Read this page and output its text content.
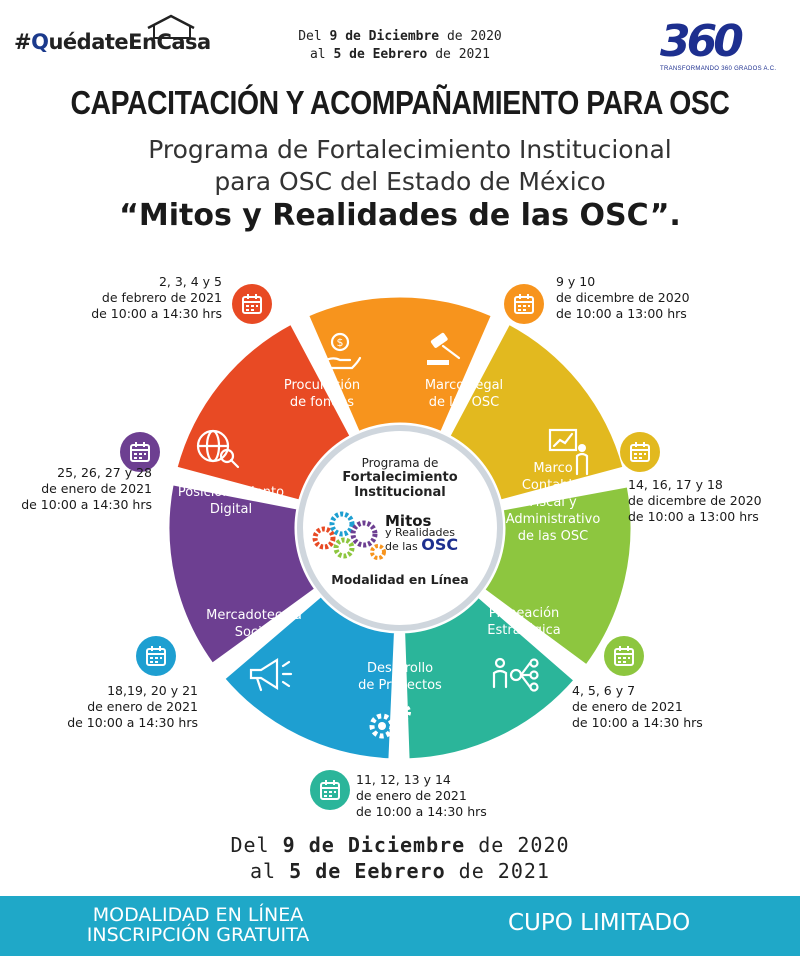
#QuédateEnCasa	Del 9 de Diciembre de 2020
al 5 de Eebrero de 2021	360
TRANSFORMANDO 360 GRADOS A.C.
CAPACITACIÓN Y ACOMPAÑAMIENTO PARA OSC
Programa de Fortalecimiento Institucional
para OSC del Estado de México
“Mitos y Realidades de las OSC”.
Procuración
de fondos
$
Marco Legal
de las OSC
Marco
Contable,
Fiscal y
Administrativo
de las OSC
Planeación
Estratégica
Desarrollo
de Proyectos
Mercadotecnia
Social
Posicionamiento
Digital
2, 3, 4 y 5
de febrero de 2021
de 10:00 a 14:30 hrs
9 y 10
de dicembre de 2020
de 10:00 a 13:00 hrs
14, 16, 17 y 18
de dicembre de 2020
de 10:00 a 13:00 hrs
4, 5, 6 y 7
de enero de 2021
de 10:00 a 14:30 hrs
11, 12, 13 y 14
de enero de 2021
de 10:00 a 14:30 hrs
18,19, 20 y 21
de enero de 2021
de 10:00 a 14:30 hrs
25, 26, 27 y 28
de enero de 2021
de 10:00 a 14:30 hrs
Programa de
Fortalecimiento
Institucional
Mitos
y Realidades
de las OSC
Modalidad en Línea
Del 9 de Diciembre de 2020
al 5 de Eebrero de 2021
MODALIDAD EN LÍNEA
INSCRIPCIÓN GRATUITA	CUPO LIMITADO
